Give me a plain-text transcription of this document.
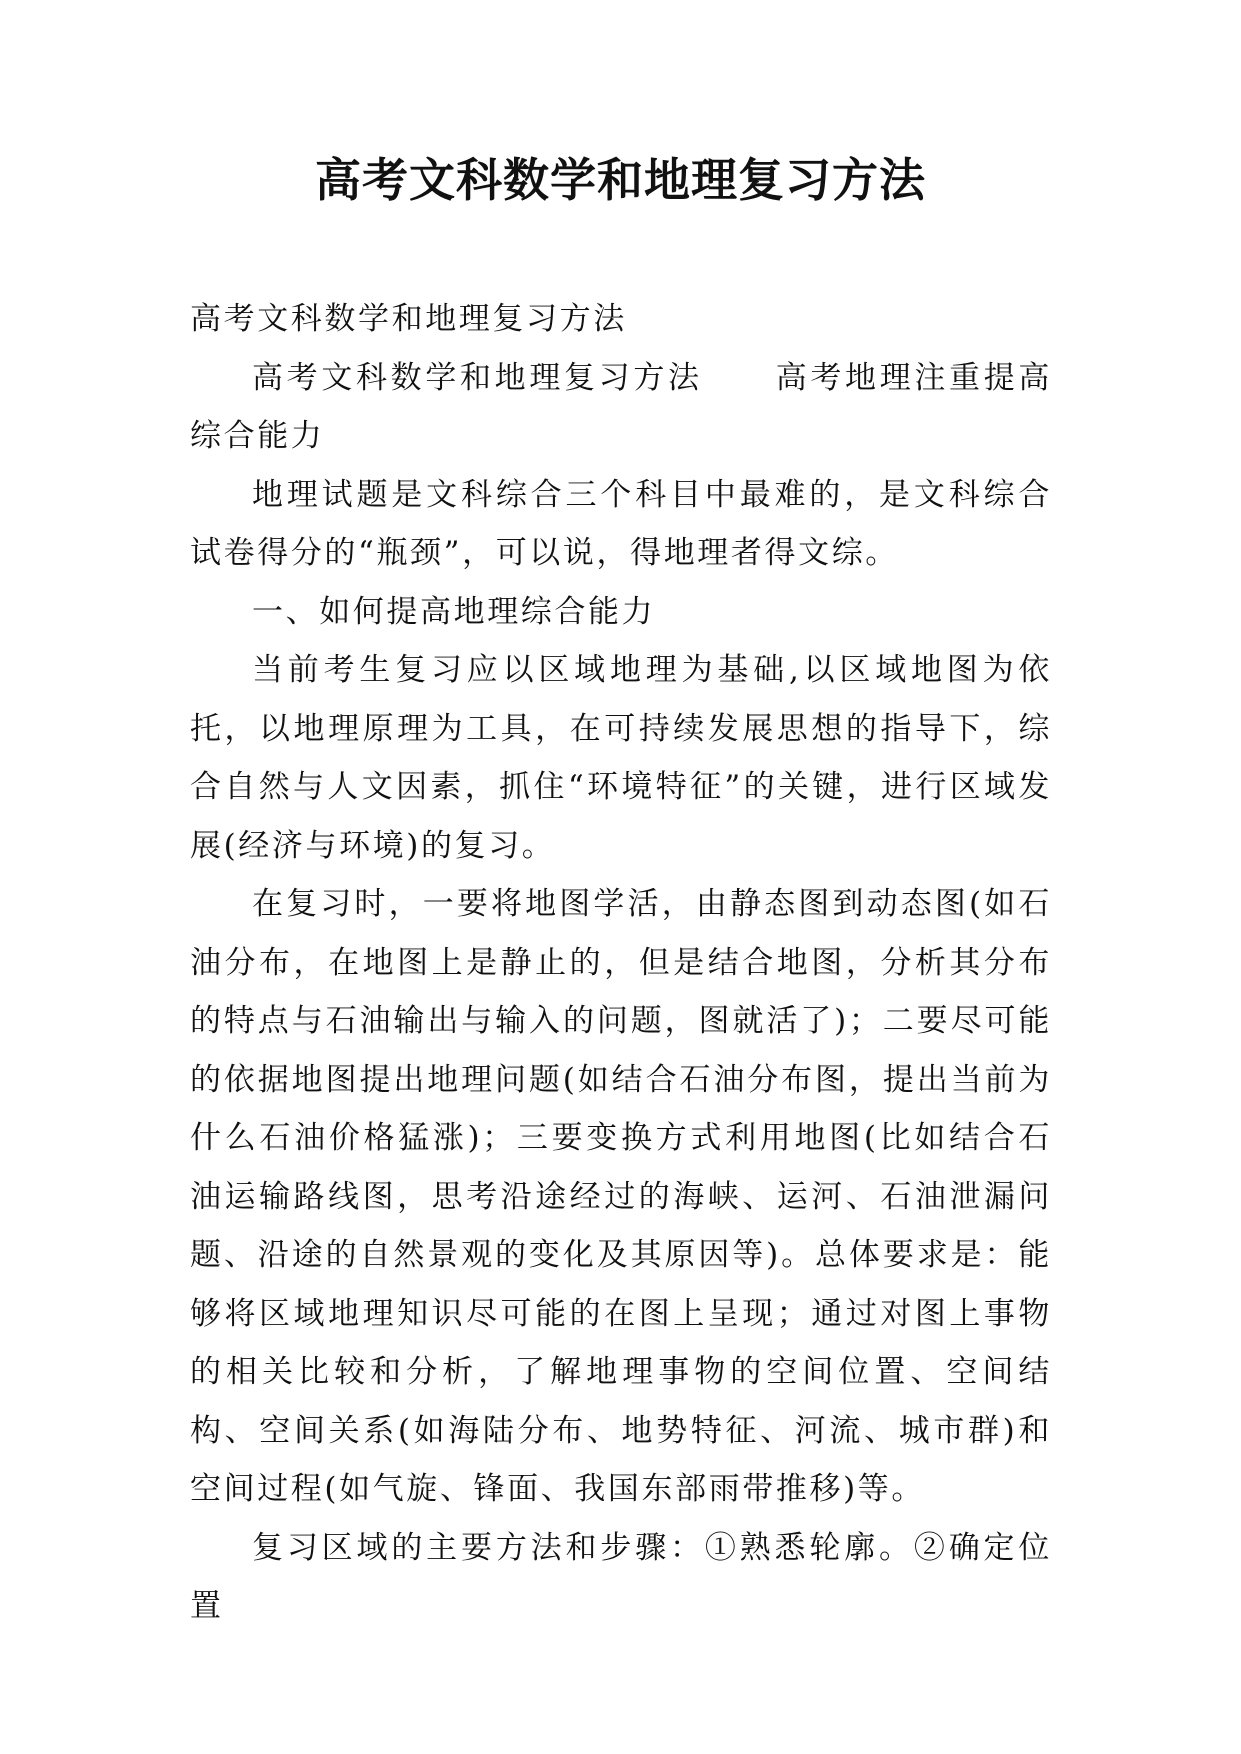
高考文科数学和地理复习方法

高考文科数学和地理复习方法

高考文科数学和地理复习方法 高考地理注重提高综合能力

地理试题是文科综合三个科目中最难的，是文科综合试卷得分的“瓶颈”，可以说，得地理者得文综。

一、如何提高地理综合能力

当前考生复习应以区域地理为基础,以区域地图为依托，以地理原理为工具，在可持续发展思想的指导下，综合自然与人文因素，抓住“环境特征”的关键，进行区域发展(经济与环境)的复习。

在复习时，一要将地图学活，由静态图到动态图(如石油分布，在地图上是静止的，但是结合地图，分析其分布的特点与石油输出与输入的问题，图就活了)；二要尽可能的依据地图提出地理问题(如结合石油分布图，提出当前为什么石油价格猛涨)；三要变换方式利用地图(比如结合石油运输路线图，思考沿途经过的海峡、运河、石油泄漏问题、沿途的自然景观的变化及其原因等)。总体要求是：能够将区域地理知识尽可能的在图上呈现；通过对图上事物的相关比较和分析，了解地理事物的空间位置、空间结构、空间关系(如海陆分布、地势特征、河流、城市群)和空间过程(如气旋、锋面、我国东部雨带推移)等。

复习区域的主要方法和步骤：①熟悉轮廓。②确定位置
